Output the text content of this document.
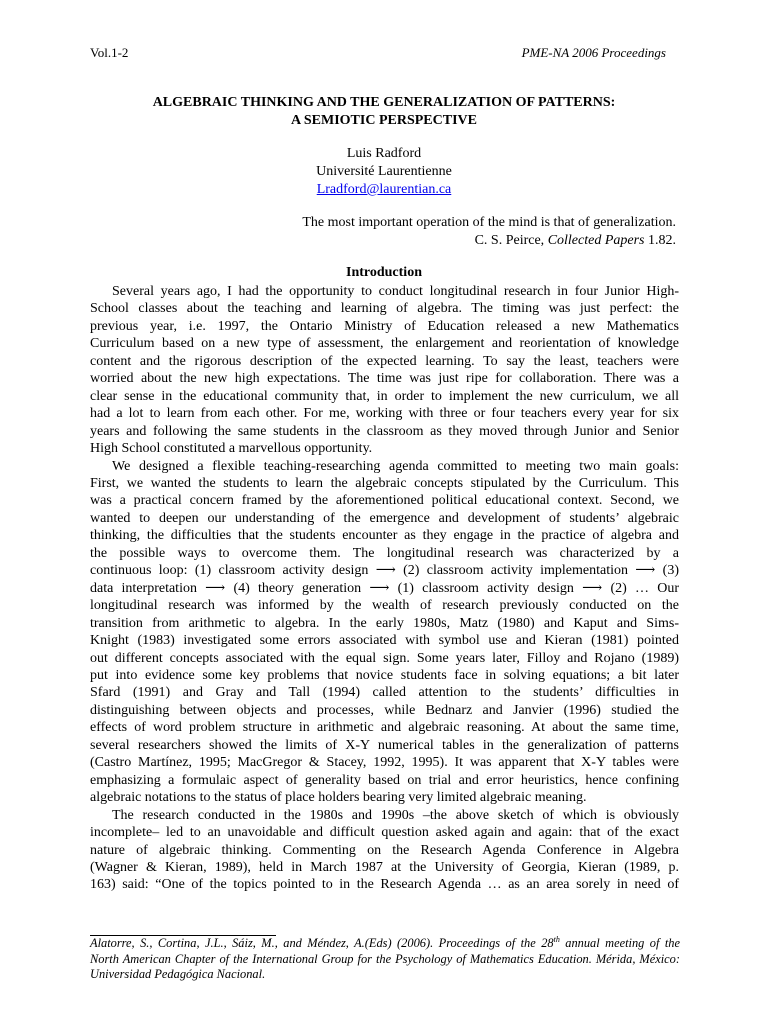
Vol.1-2	PME-NA 2006 Proceedings
ALGEBRAIC THINKING AND THE GENERALIZATION OF PATTERNS:
A SEMIOTIC PERSPECTIVE
Luis Radford
Université Laurentienne
Lradford@laurentian.ca
The most important operation of the mind is that of generalization.
C. S. Peirce, Collected Papers 1.82.
Introduction
Several years ago, I had the opportunity to conduct longitudinal research in four Junior High-
School classes about the teaching and learning of algebra. The timing was just perfect: the
previous year, i.e. 1997, the Ontario Ministry of Education released a new Mathematics
Curriculum based on a new type of assessment, the enlargement and reorientation of knowledge
content and the rigorous description of the expected learning. To say the least, teachers were
worried about the new high expectations. The time was just ripe for collaboration. There was a
clear sense in the educational community that, in order to implement the new curriculum, we all
had a lot to learn from each other. For me, working with three or four teachers every year for six
years and following the same students in the classroom as they moved through Junior and Senior
High School constituted a marvellous opportunity.
We designed a flexible teaching-researching agenda committed to meeting two main goals:
First, we wanted the students to learn the algebraic concepts stipulated by the Curriculum. This
was a practical concern framed by the aforementioned political educational context. Second, we
wanted to deepen our understanding of the emergence and development of students’ algebraic
thinking, the difficulties that the students encounter as they engage in the practice of algebra and
the possible ways to overcome them. The longitudinal research was characterized by a
continuous loop: (1) classroom activity design ⟶ (2) classroom activity implementation ⟶ (3)
data interpretation ⟶ (4) theory generation ⟶ (1) classroom activity design ⟶ (2) … Our
longitudinal research was informed by the wealth of research previously conducted on the
transition from arithmetic to algebra. In the early 1980s, Matz (1980) and Kaput and Sims-
Knight (1983) investigated some errors associated with symbol use and Kieran (1981) pointed
out different concepts associated with the equal sign. Some years later, Filloy and Rojano (1989)
put into evidence some key problems that novice students face in solving equations; a bit later
Sfard (1991) and Gray and Tall (1994) called attention to the students’ difficulties in
distinguishing between objects and processes, while Bednarz and Janvier (1996) studied the
effects of word problem structure in arithmetic and algebraic reasoning. At about the same time,
several researchers showed the limits of X-Y numerical tables in the generalization of patterns
(Castro Martínez, 1995; MacGregor & Stacey, 1992, 1995). It was apparent that X-Y tables were
emphasizing a formulaic aspect of generality based on trial and error heuristics, hence confining
algebraic notations to the status of place holders bearing very limited algebraic meaning.
The research conducted in the 1980s and 1990s –the above sketch of which is obviously
incomplete– led to an unavoidable and difficult question asked again and again: that of the exact
nature of algebraic thinking. Commenting on the Research Agenda Conference in Algebra
(Wagner & Kieran, 1989), held in March 1987 at the University of Georgia, Kieran (1989, p.
163) said: “One of the topics pointed to in the Research Agenda … as an area sorely in need of
Alatorre, S., Cortina, J.L., Sáiz, M., and Méndez, A.(Eds) (2006). Proceedings of the 28th annual meeting of the
North American Chapter of the International Group for the Psychology of Mathematics Education. Mérida, México:
Universidad Pedagógica Nacional.
